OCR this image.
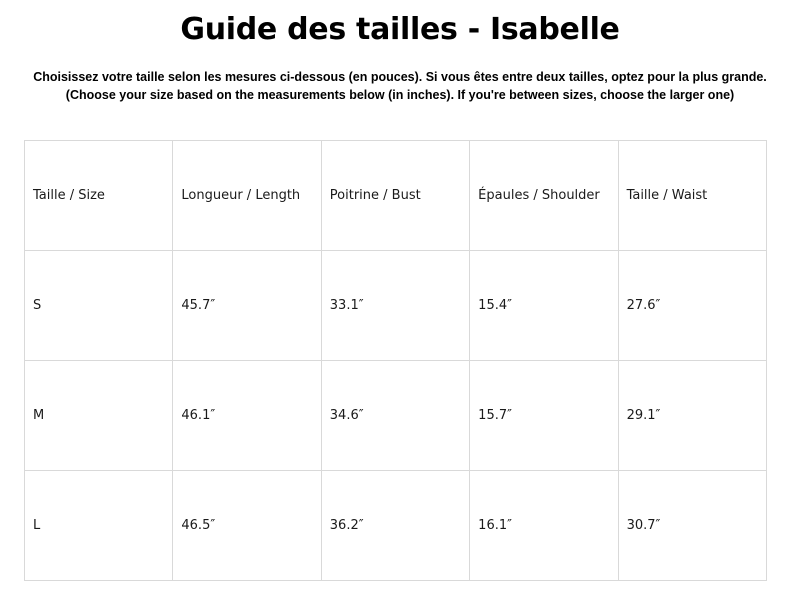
Guide des tailles - Isabelle
Choisissez votre taille selon les mesures ci-dessous (en pouces). Si vous êtes entre deux tailles, optez pour la plus grande.
(Choose your size based on the measurements below (in inches). If you're between sizes, choose the larger one)
Taille / Size	Longueur / Length	Poitrine / Bust	Épaules / Shoulder	Taille / Waist
S	45.7″	33.1″	15.4″	27.6″
M	46.1″	34.6″	15.7″	29.1″
L	46.5″	36.2″	16.1″	30.7″
